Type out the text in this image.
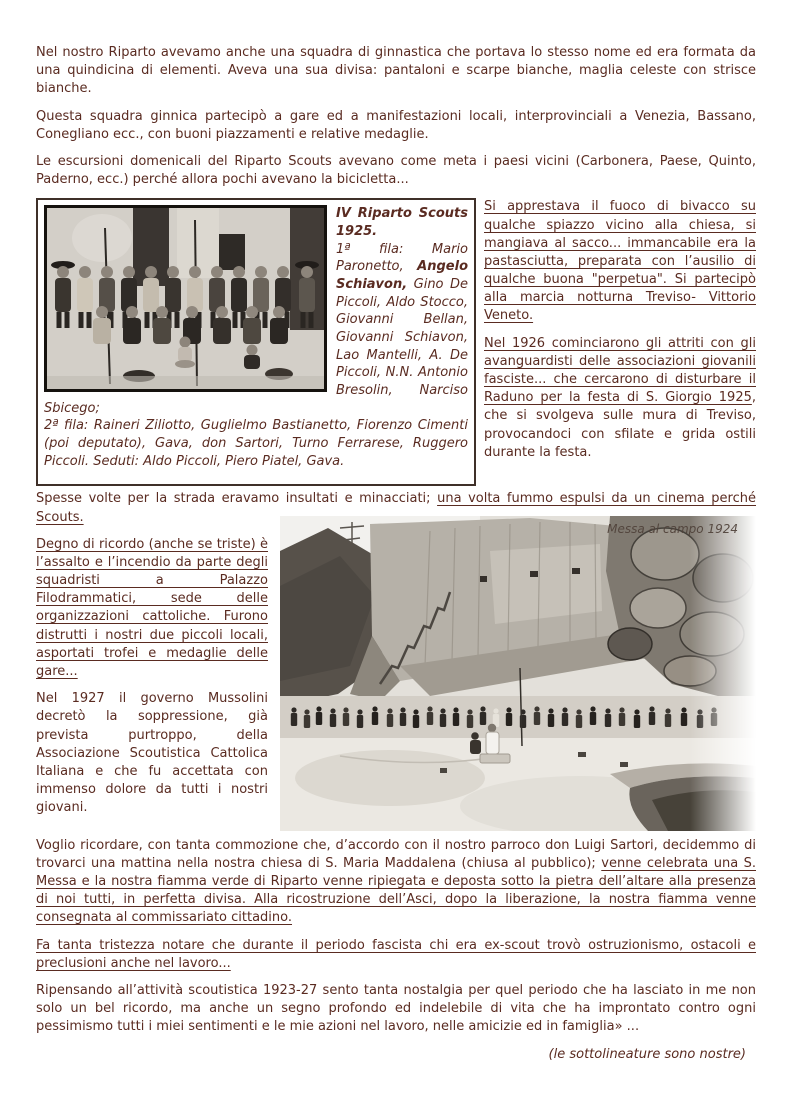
Nel nostro Riparto avevamo anche una squadra di ginnastica che portava lo stesso nome ed era formata da una quindicina di elementi. Aveva una sua divisa: pantaloni e scarpe bianche, maglia celeste con strisce bianche.

Questa squadra ginnica partecipò a gare ed a manifestazioni locali, interprovinciali a Venezia, Bassano, Conegliano ecc., con buoni piazzamenti e relative medaglie.

Le escursioni domenicali del Riparto Scouts avevano come meta i paesi vicini (Carbonera, Paese, Quinto, Paderno, ecc.) perché allora pochi avevano la bicicletta...

IV Riparto Scouts 1925.
1ª fila: Mario Paronetto, Angelo Schiavon, Gino De Piccoli, Aldo Stocco, Giovanni Bellan, Giovanni Schiavon, Lao Mantelli, A. De Piccoli, N.N. Antonio Bresolin, Narciso Sbicego;
2ª fila: Raineri Ziliotto, Guglielmo Bastianetto, Fiorenzo Cimenti (poi deputato), Gava, don Sartori, Turno Ferrarese, Ruggero Piccoli. Seduti: Aldo Piccoli, Piero Piatel, Gava.

Si apprestava il fuoco di bivacco su qualche spiazzo vicino alla chiesa, si mangiava al sacco... immancabile era la pastasciutta, preparata con l’ausilio di qualche buona "perpetua". Si partecipò alla marcia notturna Treviso- Vittorio Veneto.

Nel 1926 cominciarono gli attriti con gli avanguardisti delle associazioni giovanili fasciste... che cercarono di disturbare il Raduno per la festa di S. Giorgio 1925, che si svolgeva sulle mura di Treviso, provocandoci con sfilate e grida ostili durante la festa.

Spesse volte per la strada eravamo insultati e minacciati; una volta fummo espulsi da un cinema perché Scouts.

Degno di ricordo (anche se triste) è l’assalto e l’incendio da parte degli squadristi a Palazzo Filodrammatici, sede delle organizzazioni cattoliche. Furono distrutti i nostri due piccoli locali, asportati trofei e medaglie delle gare...

Nel 1927 il governo Mussolini decretò la soppressione, già prevista purtroppo, della Associazione Scoutistica Cattolica Italiana e che fu accettata con immenso dolore da tutti i nostri giovani.

Messa al campo 1924

Voglio ricordare, con tanta commozione che, d’accordo con il nostro parroco don Luigi Sartori, decidemmo di trovarci una mattina nella nostra chiesa di S. Maria Maddalena (chiusa al pubblico); venne celebrata una S. Messa e la nostra fiamma verde di Riparto venne ripiegata e deposta sotto la pietra dell’altare alla presenza di noi tutti, in perfetta divisa. Alla ricostruzione dell’Asci, dopo la liberazione, la nostra fiamma venne consegnata al commissariato cittadino.

Fa tanta tristezza notare che durante il periodo fascista chi era ex-scout trovò ostruzionismo, ostacoli e preclusioni anche nel lavoro...

Ripensando all’attività scoutistica 1923-27 sento tanta nostalgia per quel periodo che ha lasciato in me non solo un bel ricordo, ma anche un segno profondo ed indelebile di vita che ha improntato contro ogni pessimismo tutti i miei sentimenti e le mie azioni nel lavoro, nelle amicizie ed in famiglia» ...

(le sottolineature sono nostre)
